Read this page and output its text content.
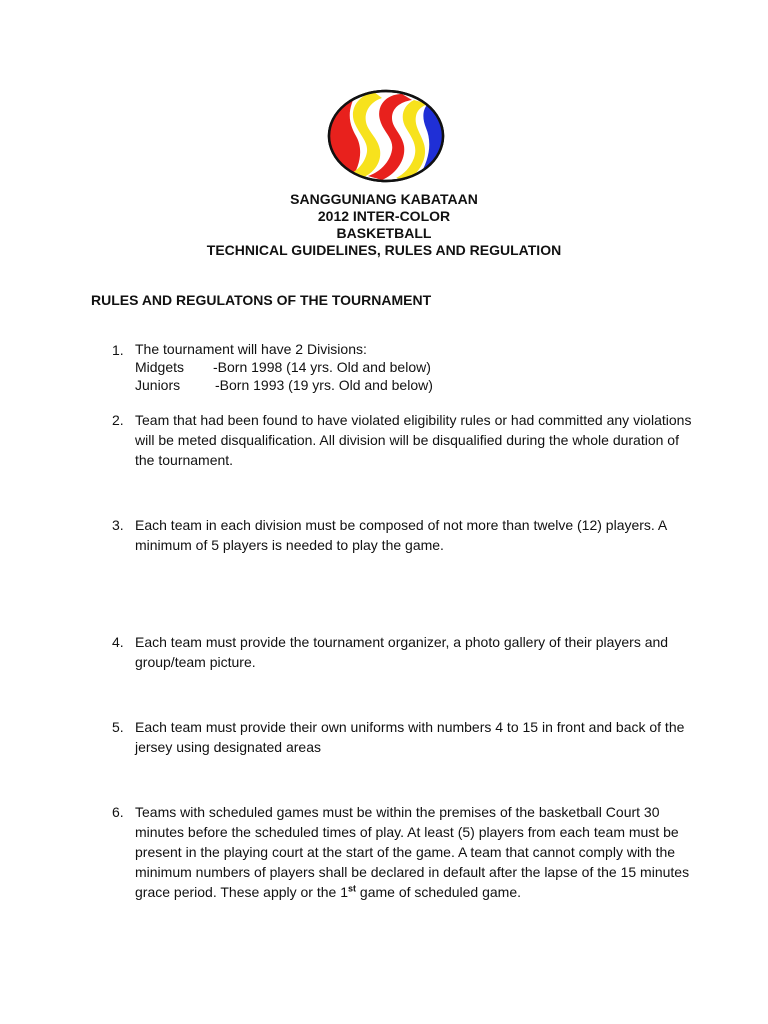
SANGGUNIANG KABATAAN
2012 INTER-COLOR
BASKETBALL
TECHNICAL GUIDELINES, RULES AND REGULATION
RULES AND REGULATONS OF THE TOURNAMENT
1. The tournament will have 2 Divisions:
Midgets	-Born 1998 (14 yrs. Old and below)
Juniors	-Born 1993 (19 yrs. Old and below)
2. Team that had been found to have violated eligibility rules or had committed any violations will be meted disqualification. All division will be disqualified during the whole duration of the tournament.
3. Each team in each division must be composed of not more than twelve (12) players. A minimum of 5 players is needed to play the game.
4. Each team must provide the tournament organizer, a photo gallery of their players and group/team picture.
5. Each team must provide their own uniforms with numbers 4 to 15 in front and back of the jersey using designated areas
6. Teams with scheduled games must be within the premises of the basketball Court 30 minutes before the scheduled times of play. At least (5) players from each team must be present in the playing court at the start of the game. A team that cannot comply with the minimum numbers of players shall be declared in default after the lapse of the 15 minutes grace period. These apply or the 1st game of scheduled game.
